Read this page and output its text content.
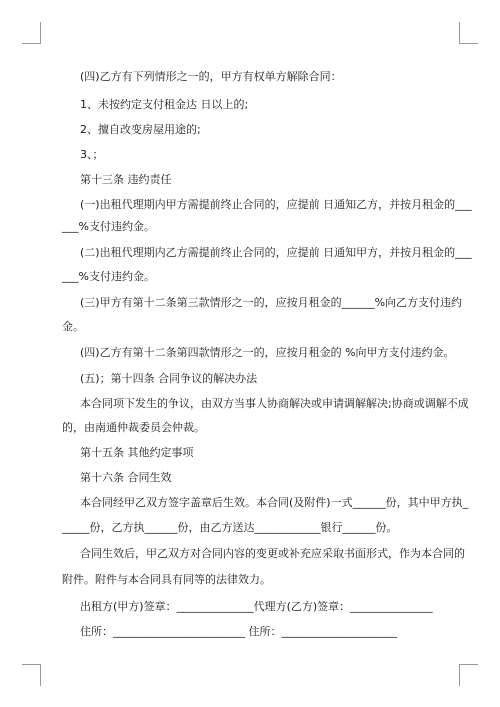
(四)乙方有下列情形之一的，甲方有权单方解除合同：
1、未按约定支付租金达 日以上的;
2、擅自改变房屋用途的;
3、；
第十三条 违约责任
(一)出租代理期内甲方需提前终止合同的，应提前 日通知乙方，并按月租金的___
___%支付违约金。
(二)出租代理期内乙方需提前终止合同的，应提前 日通知甲方，并按月租金的___
___%支付违约金。
(三)甲方有第十二条第三款情形之一的，应按月租金的______%向乙方支付违约
金。
(四)乙方有第十二条第四款情形之一的，应按月租金的 %向甲方支付违约金。
(五)；第十四条 合同争议的解决办法
本合同项下发生的争议，由双方当事人协商解决或申请调解解决;协商或调解不成
的，由南通仲裁委员会仲裁。
第十五条 其他约定事项
第十六条 合同生效
本合同经甲乙双方签字盖章后生效。本合同(及附件)一式______份，其中甲方执_
_____份，乙方执______份，由乙方送达____________银行______份。
合同生效后，甲乙双方对合同内容的变更或补充应采取书面形式，作为本合同的
附件。附件与本合同具有同等的法律效力。
出租方(甲方)签章：______________代理方(乙方)签章：_______________
住所：________________________ 住所：_____________________
